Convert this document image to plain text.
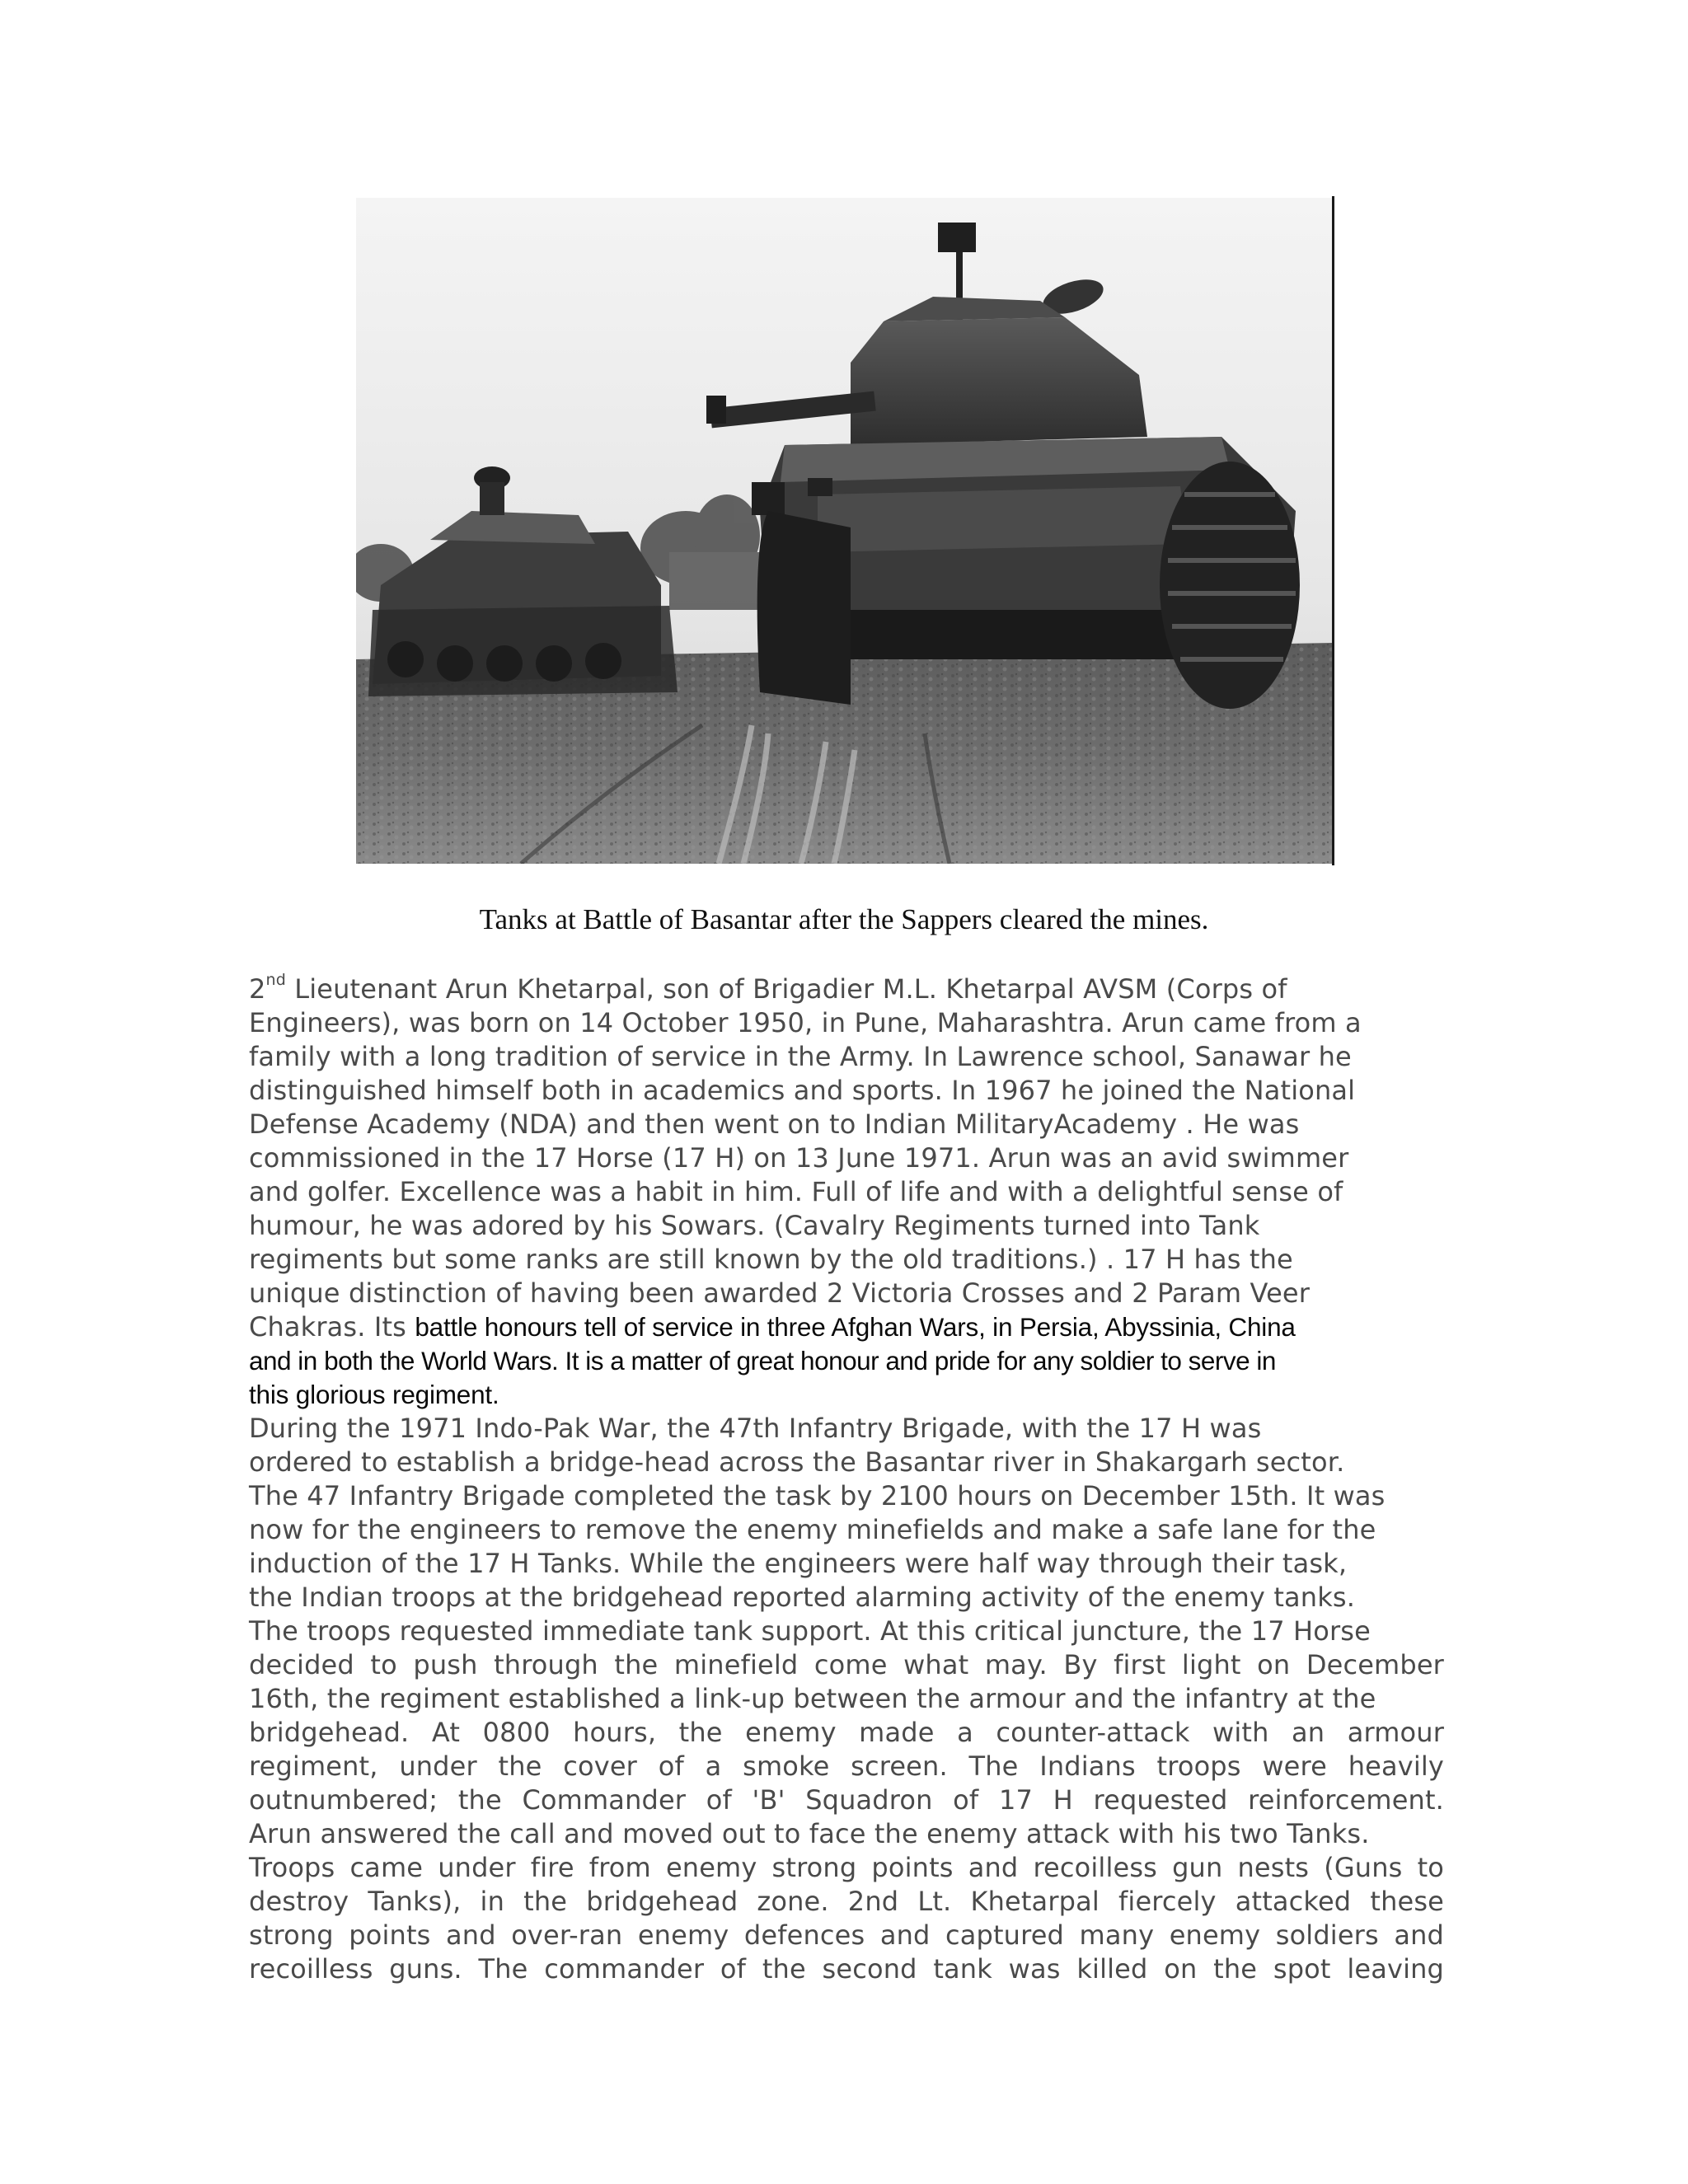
Tanks at Battle of Basantar after the Sappers cleared the mines.
2nd Lieutenant Arun Khetarpal, son of Brigadier M.L. Khetarpal AVSM (Corps of
Engineers), was born on 14 October 1950, in Pune, Maharashtra. Arun came from a
family with a long tradition of service in the Army. In Lawrence school, Sanawar he
distinguished himself both in academics and sports. In 1967 he joined the National
Defense Academy (NDA) and then went on to Indian MilitaryAcademy . He was
commissioned in the 17 Horse (17 H) on 13 June 1971. Arun was an avid swimmer
and golfer. Excellence was a habit in him. Full of life and with a delightful sense of
humour, he was adored by his Sowars. (Cavalry Regiments turned into Tank
regiments but some ranks are still known by the old traditions.) . 17 H has the
unique distinction of having been awarded 2 Victoria Crosses and 2 Param Veer
Chakras. Its battle honours tell of service in three Afghan Wars, in Persia, Abyssinia, China
and in both the World Wars. It is a matter of great honour and pride for any soldier to serve in
this glorious regiment.
During the 1971 Indo-Pak War, the 47th Infantry Brigade, with the 17 H was
ordered to establish a bridge-head across the Basantar river in Shakargarh sector.
The 47 Infantry Brigade completed the task by 2100 hours on December 15th. It was
now for the engineers to remove the enemy minefields and make a safe lane for the
induction of the 17 H Tanks. While the engineers were half way through their task,
the Indian troops at the bridgehead reported alarming activity of the enemy tanks.
The troops requested immediate tank support. At this critical juncture, the 17 Horse
decided to push through the minefield come what may. By first light on December
16th, the regiment established a link-up between the armour and the infantry at the
bridgehead. At 0800 hours, the enemy made a counter-attack with an armour
regiment, under the cover of a smoke screen. The Indians troops were heavily
outnumbered; the Commander of 'B' Squadron of 17 H requested reinforcement.
Arun answered the call and moved out to face the enemy attack with his two Tanks.
Troops came under fire from enemy strong points and recoilless gun nests (Guns to
destroy Tanks), in the bridgehead zone. 2nd Lt. Khetarpal fiercely attacked these
strong points and over-ran enemy defences and captured many enemy soldiers and
recoilless guns. The commander of the second tank was killed on the spot leaving
